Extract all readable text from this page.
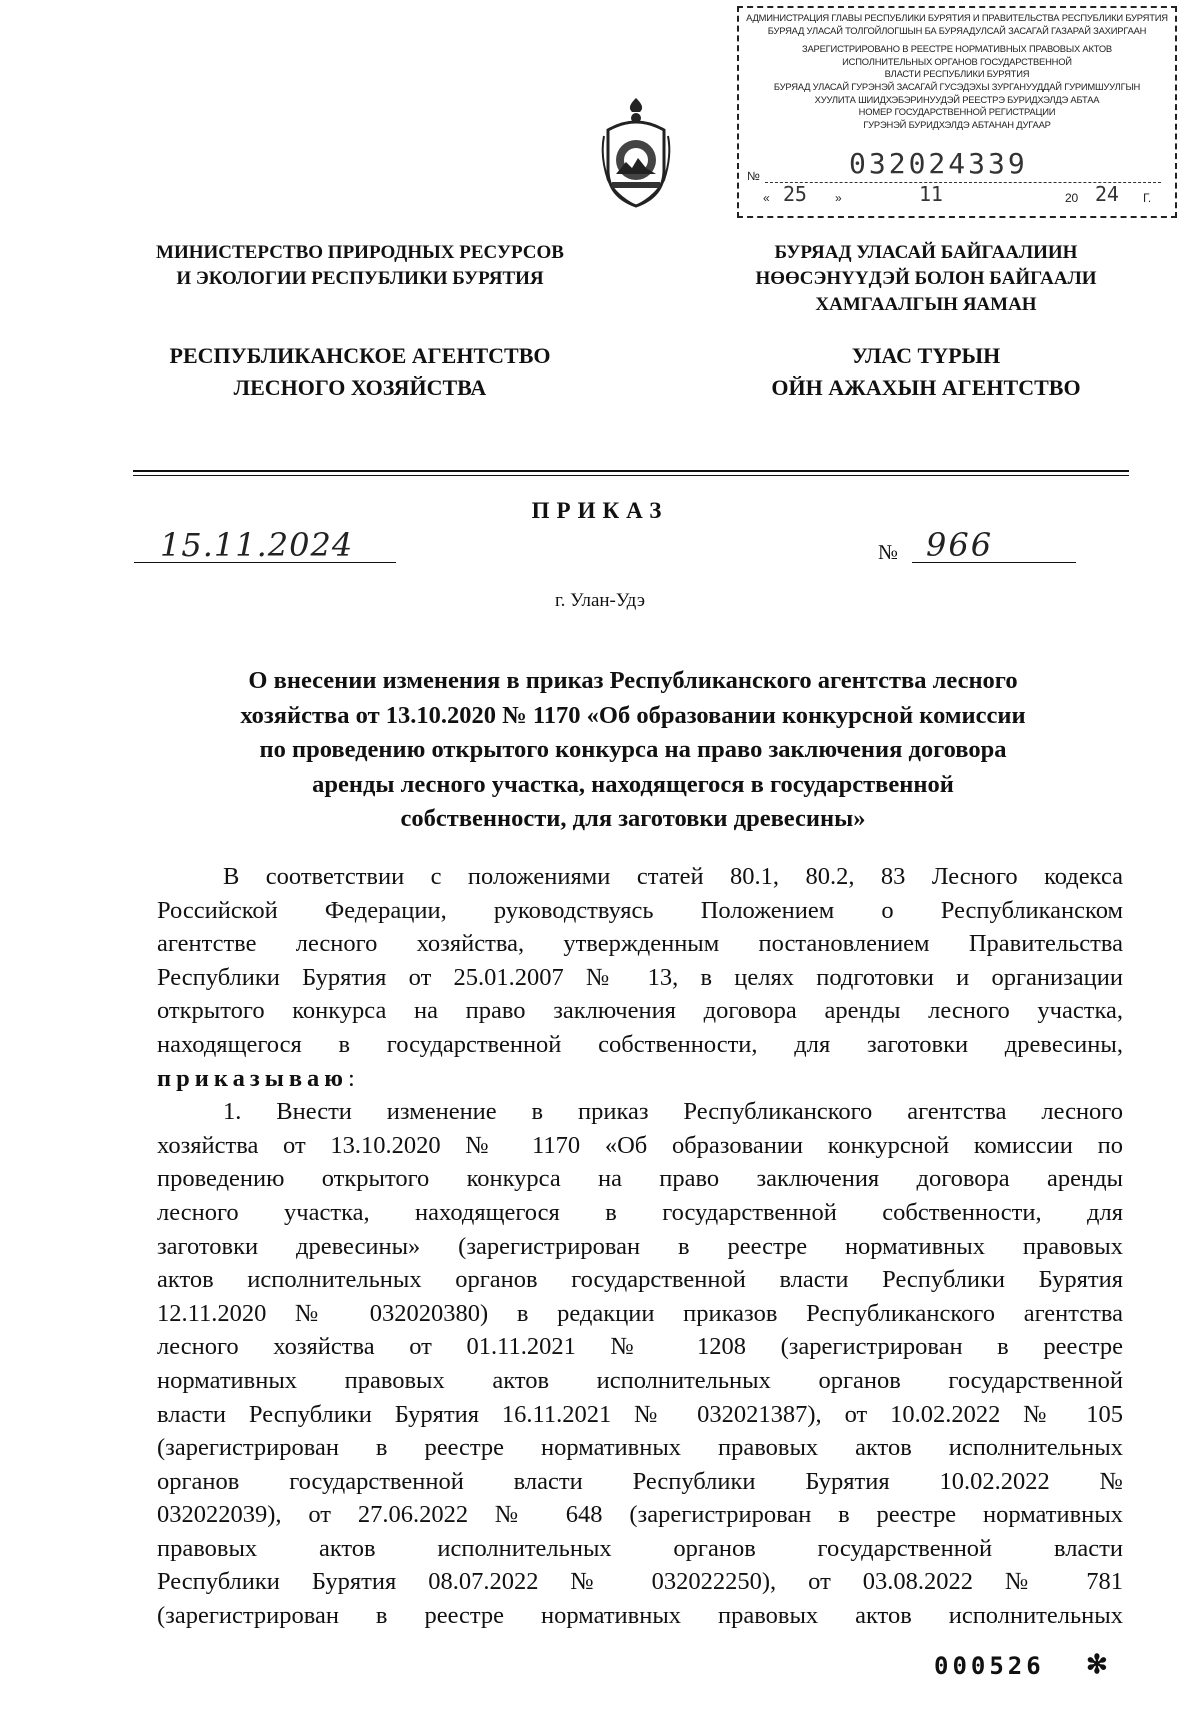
АДМИНИСТРАЦИЯ ГЛАВЫ РЕСПУБЛИКИ БУРЯТИЯ И ПРАВИТЕЛЬСТВА РЕСПУБЛИКИ БУРЯТИЯ
БУРЯАД УЛАСАЙ ТОЛГОЙЛОГШЫН БА БУРЯАДУЛСАЙ ЗАСАГАЙ ГАЗАРАЙ ЗАХИРГААН
ЗАРЕГИСТРИРОВАНО В РЕЕСТРЕ НОРМАТИВНЫХ ПРАВОВЫХ АКТОВ
ИСПОЛНИТЕЛЬНЫХ ОРГАНОВ ГОСУДАРСТВЕННОЙ
ВЛАСТИ РЕСПУБЛИКИ БУРЯТИЯ
БУРЯАД УЛАСАЙ ГУРЭНЭЙ ЗАСАГАЙ ГУСЭДЭХЫ ЗУРГАНУУДДАЙ ГУРИМШУУЛГЫН
ХУУЛИТА ШИИДХЭБЭРИНУУДЭЙ РЕЕСТРЭ БУРИДХЭЛДЭ АБТАА
НОМЕР ГОСУДАРСТВЕННОЙ РЕГИСТРАЦИИ
ГУРЭНЭЙ БУРИДХЭЛДЭ АБТАHАН ДУГААР
№	032024339
« 25 »	11	20 24 Г.
МИНИСТЕРСТВО ПРИРОДНЫХ РЕСУРСОВ
И ЭКОЛОГИИ РЕСПУБЛИКИ БУРЯТИЯ
БУРЯАД УЛАСАЙ БАЙГААЛИИН
НӨӨСЭНҮҮДЭЙ БОЛОН БАЙГААЛИ
ХАМГААЛГЫН ЯАМАН
РЕСПУБЛИКАНСКОЕ АГЕНТСТВО
ЛЕСНОГО ХОЗЯЙСТВА
УЛАС ТҮРЫН
ОЙН АЖАХЫН АГЕНТСТВО
ПРИКАЗ
15.11.2024	№ 966
г. Улан-Удэ
О внесении изменения в приказ Республиканского агентства лесного
хозяйства от 13.10.2020 № 1170 «Об образовании конкурсной комиссии
по проведению открытого конкурса на право заключения договора
аренды лесного участка, находящегося в государственной
собственности, для заготовки древесины»
В соответствии с положениями статей 80.1, 80.2, 83 Лесного кодекса
Российской Федерации, руководствуясь Положением о Республиканском
агентстве лесного хозяйства, утвержденным постановлением Правительства
Республики Бурятия от 25.01.2007 № 13, в целях подготовки и организации
открытого конкурса на право заключения договора аренды лесного участка,
находящегося в государственной собственности, для заготовки древесины,
приказываю:
1. Внести изменение в приказ Республиканского агентства лесного
хозяйства от 13.10.2020 № 1170 «Об образовании конкурсной комиссии по
проведению открытого конкурса на право заключения договора аренды
лесного участка, находящегося в государственной собственности, для
заготовки древесины» (зарегистрирован в реестре нормативных правовых
актов исполнительных органов государственной власти Республики Бурятия
12.11.2020 № 032020380) в редакции приказов Республиканского агентства
лесного хозяйства от 01.11.2021 № 1208 (зарегистрирован в реестре
нормативных правовых актов исполнительных органов государственной
власти Республики Бурятия 16.11.2021 № 032021387), от 10.02.2022 № 105
(зарегистрирован в реестре нормативных правовых актов исполнительных
органов государственной власти Республики Бурятия 10.02.2022 №
032022039), от 27.06.2022 № 648 (зарегистрирован в реестре нормативных
правовых актов исполнительных органов государственной власти
Республики Бурятия 08.07.2022 № 032022250), от 03.08.2022 № 781
(зарегистрирован в реестре нормативных правовых актов исполнительных
000526 ✻
